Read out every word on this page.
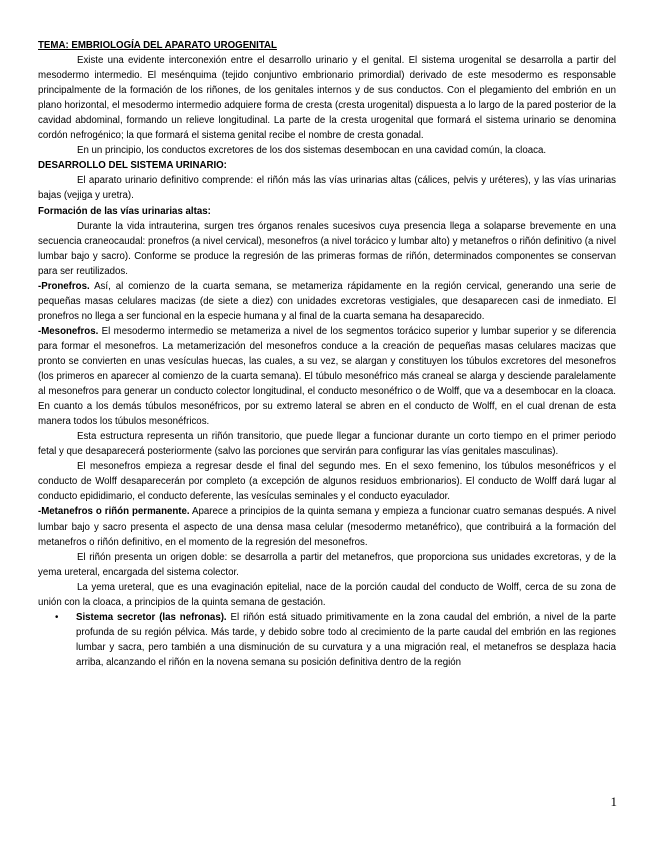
TEMA: EMBRIOLOGÍA DEL APARATO UROGENITAL

Existe una evidente interconexión entre el desarrollo urinario y el genital. El sistema urogenital se desarrolla a partir del mesodermo intermedio. El mesénquima (tejido conjuntivo embrionario primordial) derivado de este mesodermo es responsable principalmente de la formación de los riñones, de los genitales internos y de sus conductos. Con el plegamiento del embrión en un plano horizontal, el mesodermo intermedio adquiere forma de cresta (cresta urogenital) dispuesta a lo largo de la pared posterior de la cavidad abdominal, formando un relieve longitudinal. La parte de la cresta urogenital que formará el sistema urinario se denomina cordón nefrogénico; la que formará el sistema genital recibe el nombre de cresta gonadal.

En un principio, los conductos excretores de los dos sistemas desembocan en una cavidad común, la cloaca.

DESARROLLO DEL SISTEMA URINARIO:

El aparato urinario definitivo comprende: el riñón más las vías urinarias altas (cálices, pelvis y uréteres), y las vías urinarias bajas (vejiga y uretra).

Formación de las vías urinarias altas:

Durante la vida intrauterina, surgen tres órganos renales sucesivos cuya presencia llega a solaparse brevemente en una secuencia craneocaudal: pronefros (a nivel cervical), mesonefros (a nivel torácico y lumbar alto) y metanefros o riñón definitivo (a nivel lumbar bajo y sacro). Conforme se produce la regresión de las primeras formas de riñón, determinados componentes se conservan para ser reutilizados.

-Pronefros. Así, al comienzo de la cuarta semana, se metameriza rápidamente en la región cervical, generando una serie de pequeñas masas celulares macizas (de siete a diez) con unidades excretoras vestigiales, que desaparecen casi de inmediato. El pronefros no llega a ser funcional en la especie humana y al final de la cuarta semana ha desaparecido.

-Mesonefros. El mesodermo intermedio se metameriza a nivel de los segmentos torácico superior y lumbar superior y se diferencia para formar el mesonefros. La metamerización del mesonefros conduce a la creación de pequeñas masas celulares macizas que pronto se convierten en unas vesículas huecas, las cuales, a su vez, se alargan y constituyen los túbulos excretores del mesonefros (los primeros en aparecer al comienzo de la cuarta semana). El túbulo mesonéfrico más craneal se alarga y desciende paralelamente al mesonefros para generar un conducto colector longitudinal, el conducto mesonéfrico o de Wolff, que va a desembocar en la cloaca. En cuanto a los demás túbulos mesonéfricos, por su extremo lateral se abren en el conducto de Wolff, en el cual drenan de esta manera todos los túbulos mesonéfricos.

Esta estructura representa un riñón transitorio, que puede llegar a funcionar durante un corto tiempo en el primer periodo fetal y que desaparecerá posteriormente (salvo las porciones que servirán para configurar las vías genitales masculinas).

El mesonefros empieza a regresar desde el final del segundo mes. En el sexo femenino, los túbulos mesonéfricos y el conducto de Wolff desaparecerán por completo (a excepción de algunos residuos embrionarios). El conducto de Wolff dará lugar al conducto epididimario, el conducto deferente, las vesículas seminales y el conducto eyaculador.

-Metanefros o riñón permanente. Aparece a principios de la quinta semana y empieza a funcionar cuatro semanas después. A nivel lumbar bajo y sacro presenta el aspecto de una densa masa celular (mesodermo metanéfrico), que contribuirá a la formación del metanefros o riñón definitivo, en el momento de la regresión del mesonefros.

El riñón presenta un origen doble: se desarrolla a partir del metanefros, que proporciona sus unidades excretoras, y de la yema ureteral, encargada del sistema colector.

La yema ureteral, que es una evaginación epitelial, nace de la porción caudal del conducto de Wolff, cerca de su zona de unión con la cloaca, a principios de la quinta semana de gestación.

• Sistema secretor (las nefronas). El riñón está situado primitivamente en la zona caudal del embrión, a nivel de la parte profunda de su región pélvica. Más tarde, y debido sobre todo al crecimiento de la parte caudal del embrión en las regiones lumbar y sacra, pero también a una disminución de su curvatura y a una migración real, el metanefros se desplaza hacia arriba, alcanzando el riñón en la novena semana su posición definitiva dentro de la región
1
